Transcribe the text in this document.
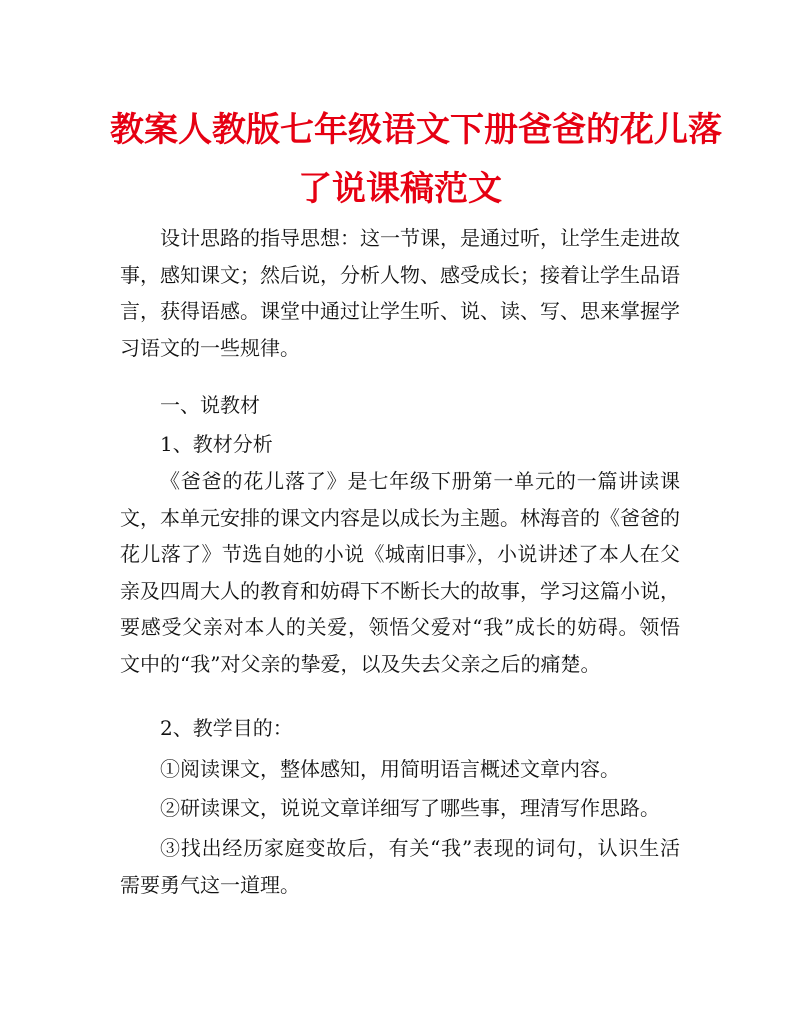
教案人教版七年级语文下册爸爸的花儿落
了说课稿范文

设计思路的指导思想：这一节课，是通过听，让学生走进故事，感知课文；然后说，分析人物、感受成长；接着让学生品语言，获得语感。课堂中通过让学生听、说、读、写、思来掌握学习语文的一些规律。

一、说教材

1、教材分析

《爸爸的花儿落了》是七年级下册第一单元的一篇讲读课文，本单元安排的课文内容是以成长为主题。林海音的《爸爸的花儿落了》节选自她的小说《城南旧事》，小说讲述了本人在父亲及四周大人的教育和妨碍下不断长大的故事，学习这篇小说，要感受父亲对本人的关爱，领悟父爱对“我”成长的妨碍。领悟文中的“我”对父亲的挚爱，以及失去父亲之后的痛楚。

2、教学目的：

①阅读课文，整体感知，用简明语言概述文章内容。

②研读课文，说说文章详细写了哪些事，理清写作思路。

③找出经历家庭变故后，有关“我”表现的词句，认识生活需要勇气这一道理。
